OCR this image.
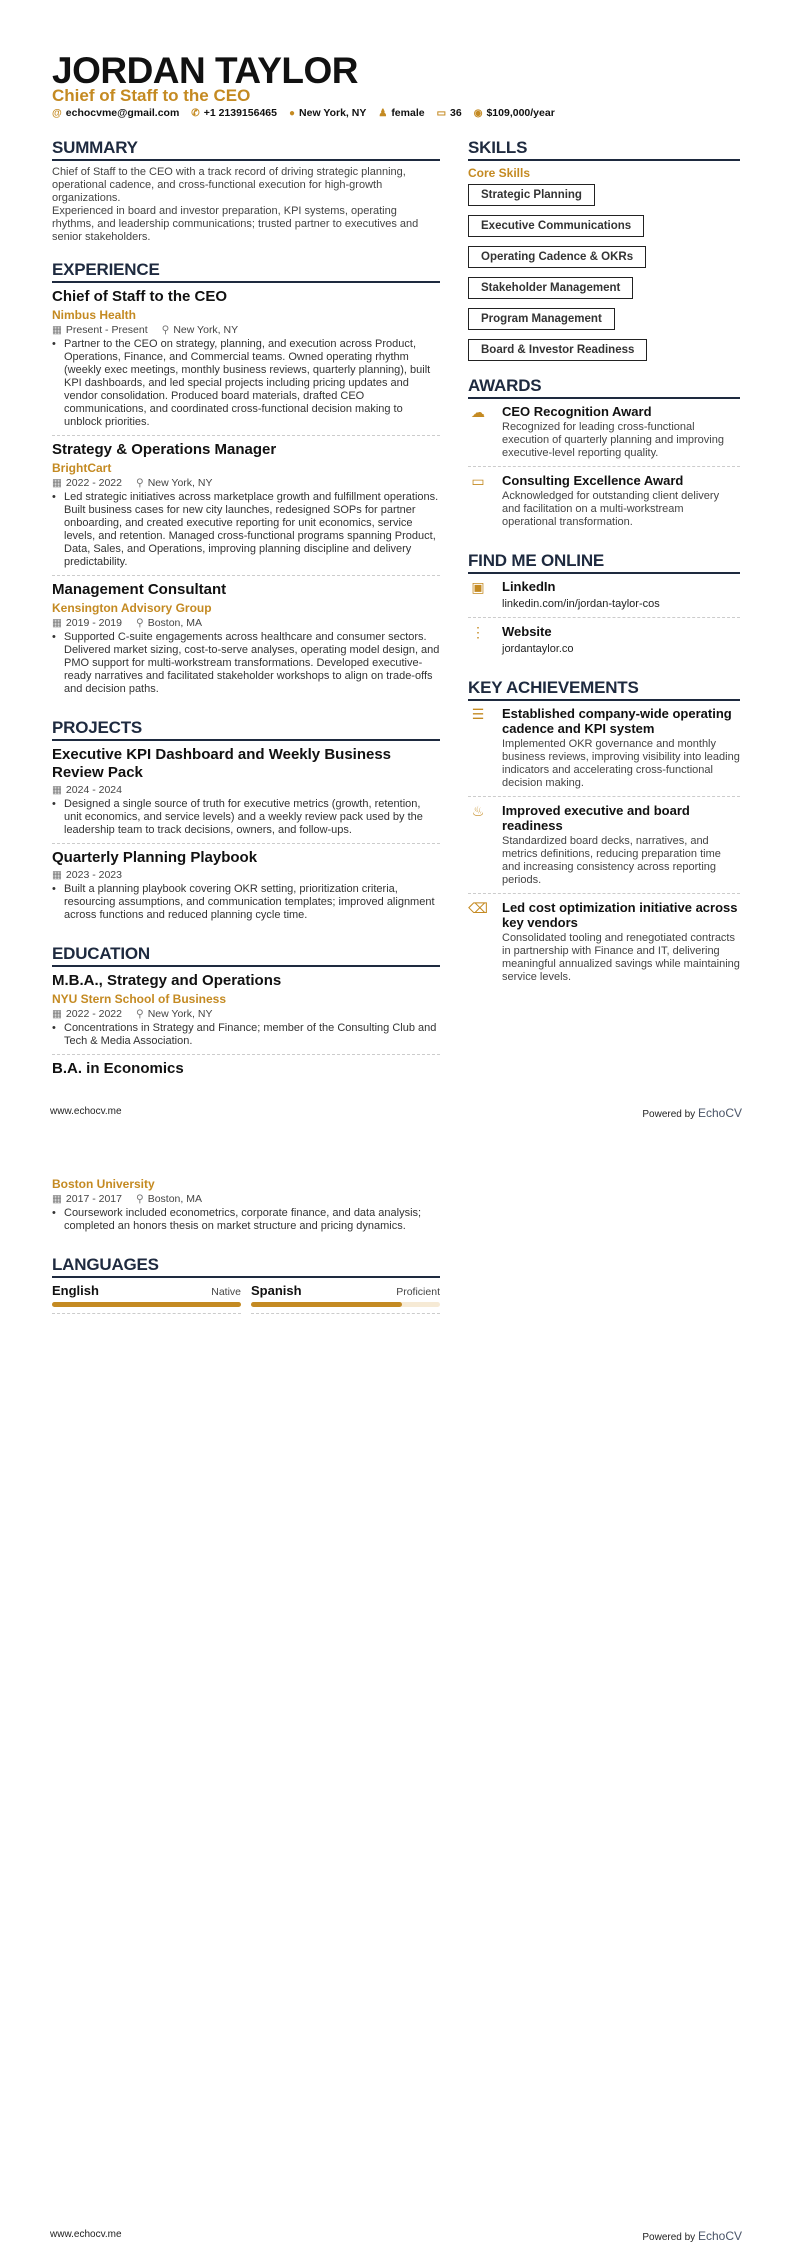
JORDAN TAYLOR
Chief of Staff to the CEO
@ echocvme@gmail.com ✆ +1 2139156465 ● New York, NY ♟ female ▭ 36 ◉ $109,000/year
SUMMARY
Chief of Staff to the CEO with a track record of driving strategic planning, operational cadence, and cross-functional execution for high-growth organizations.
Experienced in board and investor preparation, KPI systems, operating rhythms, and leadership communications; trusted partner to executives and senior stakeholders.
EXPERIENCE
Chief of Staff to the CEO
Nimbus Health
▦ Present - Present ⚲ New York, NY
• Partner to the CEO on strategy, planning, and execution across Product, Operations, Finance, and Commercial teams. Owned operating rhythm (weekly exec meetings, monthly business reviews, quarterly planning), built KPI dashboards, and led special projects including pricing updates and vendor consolidation. Produced board materials, drafted CEO communications, and coordinated cross-functional decision making to unblock priorities.
Strategy & Operations Manager
BrightCart
▦ 2022 - 2022 ⚲ New York, NY
• Led strategic initiatives across marketplace growth and fulfillment operations. Built business cases for new city launches, redesigned SOPs for partner onboarding, and created executive reporting for unit economics, service levels, and retention. Managed cross-functional programs spanning Product, Data, Sales, and Operations, improving planning discipline and delivery predictability.
Management Consultant
Kensington Advisory Group
▦ 2019 - 2019 ⚲ Boston, MA
• Supported C-suite engagements across healthcare and consumer sectors. Delivered market sizing, cost-to-serve analyses, operating model design, and PMO support for multi-workstream transformations. Developed executive-ready narratives and facilitated stakeholder workshops to align on trade-offs and decision paths.
PROJECTS
Executive KPI Dashboard and Weekly Business Review Pack
▦ 2024 - 2024
• Designed a single source of truth for executive metrics (growth, retention, unit economics, and service levels) and a weekly review pack used by the leadership team to track decisions, owners, and follow-ups.
Quarterly Planning Playbook
▦ 2023 - 2023
• Built a planning playbook covering OKR setting, prioritization criteria, resourcing assumptions, and communication templates; improved alignment across functions and reduced planning cycle time.
EDUCATION
M.B.A., Strategy and Operations
NYU Stern School of Business
▦ 2022 - 2022 ⚲ New York, NY
• Concentrations in Strategy and Finance; member of the Consulting Club and Tech & Media Association.
B.A. in Economics
SKILLS
Core Skills
Strategic Planning
Executive Communications
Operating Cadence & OKRs
Stakeholder Management
Program Management
Board & Investor Readiness
AWARDS
☁ CEO Recognition Award
Recognized for leading cross-functional execution of quarterly planning and improving executive-level reporting quality.
▭ Consulting Excellence Award
Acknowledged for outstanding client delivery and facilitation on a multi-workstream operational transformation.
FIND ME ONLINE
▣ LinkedIn
linkedin.com/in/jordan-taylor-cos
⋮ Website
jordantaylor.co
KEY ACHIEVEMENTS
☰ Established company-wide operating cadence and KPI system
Implemented OKR governance and monthly business reviews, improving visibility into leading indicators and accelerating cross-functional decision making.
♨ Improved executive and board readiness
Standardized board decks, narratives, and metrics definitions, reducing preparation time and increasing consistency across reporting periods.
⌫ Led cost optimization initiative across key vendors
Consolidated tooling and renegotiated contracts in partnership with Finance and IT, delivering meaningful annualized savings while maintaining service levels.
www.echocv.me	Powered by EchoCV
Boston University
▦ 2017 - 2017 ⚲ Boston, MA
• Coursework included econometrics, corporate finance, and data analysis; completed an honors thesis on market structure and pricing dynamics.
LANGUAGES
English	Native Spanish	Proficient
www.echocv.me	Powered by EchoCV
